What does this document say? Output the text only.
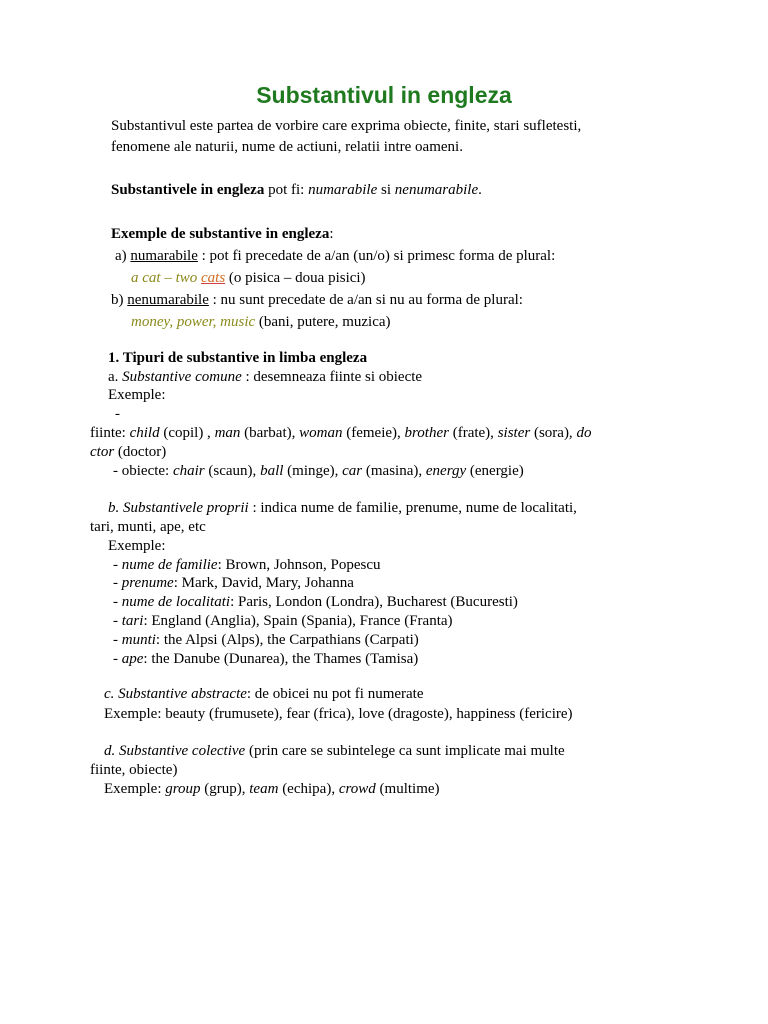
Substantivul in engleza
Substantivul este partea de vorbire care exprima obiecte, finite, stari sufletesti,
fenomene ale naturii, nume de actiuni, relatii intre oameni.
Substantivele in engleza pot fi: numarabile si nenumarabile.
Exemple de substantive in engleza:
a) numarabile : pot fi precedate de a/an (un/o) si primesc forma de plural:
a cat – two cats (o pisica – doua pisici)
b) nenumarabile : nu sunt precedate de a/an si nu au forma de plural:
money, power, music (bani, putere, muzica)
1. Tipuri de substantive in limba engleza
a. Substantive comune : desemneaza fiinte si obiecte
Exemple:
-
fiinte: child (copil) , man (barbat), woman (femeie), brother (frate), sister (sora), do
ctor (doctor)
- obiecte: chair (scaun), ball (minge), car (masina), energy (energie)
b. Substantivele proprii : indica nume de familie, prenume, nume de localitati,
tari, munti, ape, etc
Exemple:
- nume de familie: Brown, Johnson, Popescu
- prenume: Mark, David, Mary, Johanna
- nume de localitati: Paris, London (Londra), Bucharest (Bucuresti)
- tari: England (Anglia), Spain (Spania), France (Franta)
- munti: the Alpsi (Alps), the Carpathians (Carpati)
- ape: the Danube (Dunarea), the Thames (Tamisa)
c. Substantive abstracte: de obicei nu pot fi numerate
Exemple: beauty (frumusete), fear (frica), love (dragoste), happiness (fericire)
d. Substantive colective (prin care se subintelege ca sunt implicate mai multe
fiinte, obiecte)
Exemple: group (grup), team (echipa), crowd (multime)
